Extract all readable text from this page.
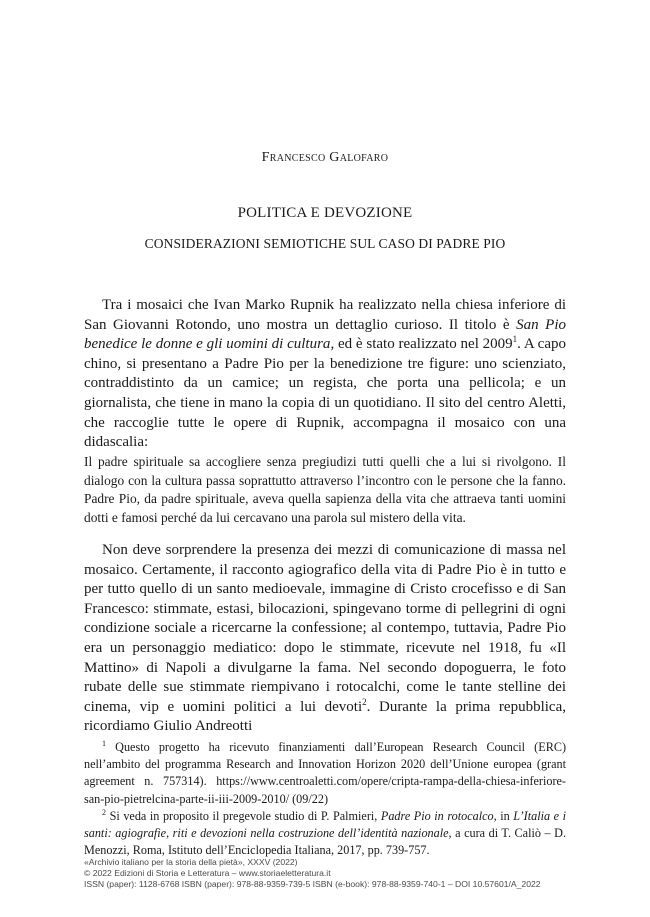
Francesco Galofaro
POLITICA E DEVOZIONE
CONSIDERAZIONI SEMIOTICHE SUL CASO DI PADRE PIO

Tra i mosaici che Ivan Marko Rupnik ha realizzato nella chiesa inferiore di San Giovanni Rotondo, uno mostra un dettaglio curioso. Il titolo è San Pio benedice le donne e gli uomini di cultura, ed è stato realizzato nel 2009$^1$. A capo chino, si presentano a Padre Pio per la benedizione tre figure: uno scienziato, contraddistinto da un camice; un regista, che porta una pellicola; e un giornalista, che tiene in mano la copia di un quotidiano. Il sito del centro Aletti, che raccoglie tutte le opere di Rupnik, accompagna il mosaico con una didascalia:

Il padre spirituale sa accogliere senza pregiudizi tutti quelli che a lui si rivolgono. Il dialogo con la cultura passa soprattutto attraverso l’incontro con le persone che la fanno. Padre Pio, da padre spirituale, aveva quella sapienza della vita che attraeva tanti uomini dotti e famosi perché da lui cercavano una parola sul mistero della vita.

Non deve sorprendere la presenza dei mezzi di comunicazione di massa nel mosaico. Certamente, il racconto agiografico della vita di Padre Pio è in tutto e per tutto quello di un santo medioevale, immagine di Cristo crocefisso e di San Francesco: stimmate, estasi, bilocazioni, spingevano torme di pellegrini di ogni condizione sociale a ricercarne la confessione; al contempo, tuttavia, Padre Pio era un personaggio mediatico: dopo le stimmate, ricevute nel 1918, fu «Il Mattino» di Napoli a divulgarne la fama. Nel secondo dopoguerra, le foto rubate delle sue stimmate riempivano i rotocalchi, come le tante stelline dei cinema, vip e uomini politici a lui devoti$^2$. Durante la prima repubblica, ricordiamo Giulio Andreotti

$^1$ Questo progetto ha ricevuto finanziamenti dall’European Research Council (ERC) nell’ambito del programma Research and Innovation Horizon 2020 dell’Unione europea (grant agreement n. 757314). https://www.centroaletti.com/opere/cripta-rampa-della-chiesa-inferiore-san-pio-pietrelcina-parte-ii-iii-2009-2010/ (09/22)

$^2$ Si veda in proposito il pregevole studio di P. Palmieri, Padre Pio in rotocalco, in L’Italia e i santi: agiografie, riti e devozioni nella costruzione dell’identità nazionale, a cura di T. Caliò – D. Menozzi, Roma, Istituto dell’Enciclopedia Italiana, 2017, pp. 739-757.

«Archivio italiano per la storia della pietà», XXXV (2022)
© 2022 Edizioni di Storia e Letteratura – www.storiaeletteratura.it
ISSN (paper): 1128-6768 ISBN (paper): 978-88-9359-739-5 ISBN (e-book): 978-88-9359-740-1 – DOI 10.57601/A_2022
